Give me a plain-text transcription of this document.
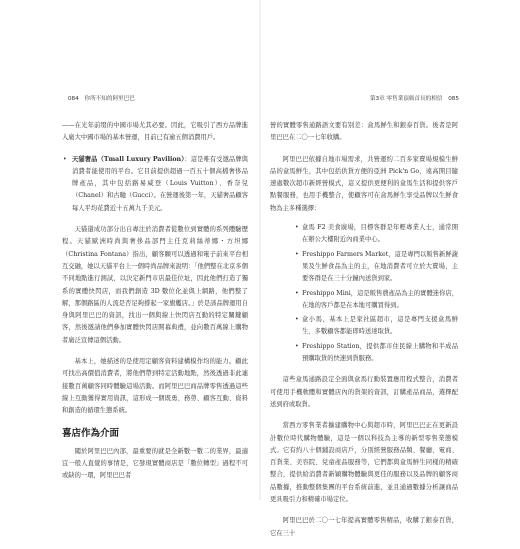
084 你所不知的阿里巴巴

——在光年前缀的中國市場尤其必要。因此，它吸引了西方品牌進入廣大中國市場的基本營運，目前已有逾五個消費用戶。

• 天貓奢品（Tmall Luxury Pavilion）：這是唯有受邀品牌與消費者能使用的平台。它目前提供超過一百五十個高檔奢侈品牌產品，其中包括路易威登（Louis Vuitton）、香奈兒（Chanel）和古馳（Gucci）。在營運後第一年，天貓奢品顧客每人平均花費近十五萬九千美元。

天貓還成功部分出自專注於消費者從數位到實體的系列體驗歷程。天貓歐洲時尚與奢侈品部門主任克莉絲蒂娜・方坦娜（Christina Fontana）指出，顧客願可以透過和電子前來平台相互交融，她以天貓平台上一個時尚品牌來說明：「他們整在北京多個不同地點進行測試，以決定新門市店最佳位址，因此他們打造了獨系的實體快閃店，而我們創造 3D 數位化並與上網路，他們整了解，那個路區的人流是否足夠撐起一家旗艦店。」於是該品牌運用自身與阿里巴巴的資訊，找出一個與線上快閃店互動的特定關鍵顧客，然後邀請他們參加實體快閃店開幕典禮，並向數百萬線上購物者廣泛宣傳這個活動。

基本上，她描述的是使用定顧客資料建構模作均的能力。顧此可找出高價值消費者，將他們帶到特定活動地點，然後透過非此連接數百萬顧客同時體驗這場活動。而阿里巴巴商品牌零售透過這些線上互動獲得實用資訊，這形成一個既勇、務勞、顧客互動、資料和創造的循環生態系統。

喜店作為介面

闖於阿里巴巴內部，最重要的就是全新數一數二的業界，最適宜一般人直覺的事情是，它發現實體商店是「數位轉型」過程不可或缺的一環，阿里巴巴者

第3章 零售業頂級首長的相信 085

營的實體零售通路語文要有別差：盒馬鮮生和銀泰百貨。後者是阿里巴巴在二〇一七年收購。

阿里巴巴依據自地市場需求，共營運約二百多家賣場規模生鮮品的盒馬鮮生，其中包括供貨方便的亞洲 Pick'n Go，遠高開目隨速處數次超市新經營模式，這又提供更便利的盒馬生活和提供客戶點餐服務，也用手機整合，使顧客可在盒馬鮮生享受品牌以生鮮食物為主多種選擇：

• 盒馬 F2 美食廣場，目標客群是年輕專業人士，通常開在辦公大樓附近內商業中心。
• Freshippo Farmers Market，這是專門以販售新鮮蔬果及生鮮食品為主的主，在地消費者可立於大賣場，主要客群是在三十分鐘內送貨到家。
• Freshippo Mini，這是販售農產品為主的實體迷你店，在地的客戶都是在本地可購買得到。
• 盒小馬，基本上是家社區超市，這是專門支援盒馬鮮生，多數顧客都能即時送達取貨。
• Freshippo Station，提供都市住民線上購物和半成品預購取貨的快速到貨服務。

這些盒馬通路設定全面與盒馬行動裝置應用程式整合，消費者可使用手機軟體和實體店內的貨架的資訊，訂購產品商品，選擇配送到府或取貨。

當西方零售業者擴建購物中心與超市時，阿里巴巴正在更新設計數位時代購物體驗，這是一個以科技為主導的新型零售業態模式。它有約八十個鋪設商店戶，分別經營服務品類、餐廳、電商、百貨業、美容院、兒童產品服務等，它們都與盒馬鮮生同樣的精確整合，提供給消費者新穎購物體驗與更佳的服務以及品牌的顧客商品數據，推動整個集團的平台系統前進，並且通過數據分析讓商品更具吸引力和精確市場定位。

阿里巴巴於二〇一七年提高實體零售精品，收購了銀泰百貨，它在三十
